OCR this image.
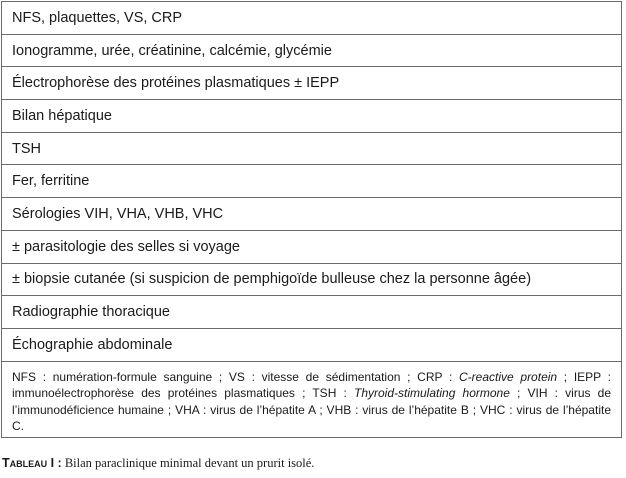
NFS, plaquettes, VS, CRP
Ionogramme, urée, créatinine, calcémie, glycémie
Électrophorèse des protéines plasmatiques ± IEPP
Bilan hépatique
TSH
Fer, ferritine
Sérologies VIH, VHA, VHB, VHC
± parasitologie des selles si voyage
± biopsie cutanée (si suspicion de pemphigoïde bulleuse chez la personne âgée)
Radiographie thoracique
Échographie abdominale
NFS : numération-formule sanguine ; VS : vitesse de sédimentation ; CRP : C-reactive protein ; IEPP : immunoélectrophorèse des protéines plasmatiques ; TSH : Thyroid-stimulating hormone ; VIH : virus de l’immunodéficience humaine ; VHA : virus de l’hépatite A ; VHB : virus de l’hépatite B ; VHC : virus de l’hépatite C.
Tableau I : Bilan paraclinique minimal devant un prurit isolé.
